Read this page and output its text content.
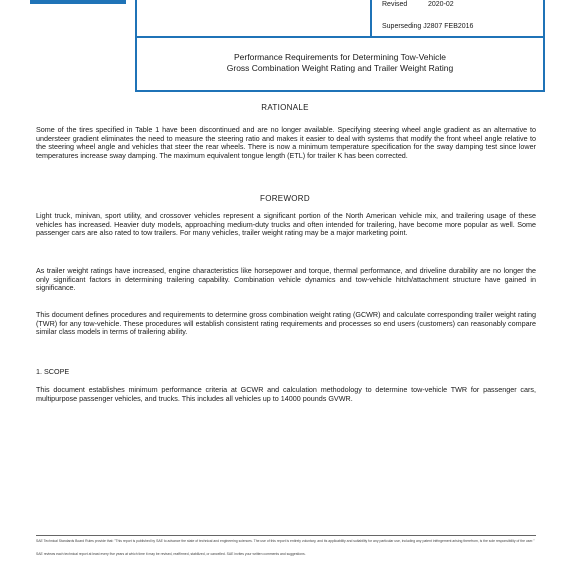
Revised	2020-02
Superseding J2807 FEB2016
Performance Requirements for Determining Tow-Vehicle
Gross Combination Weight Rating and Trailer Weight Rating
RATIONALE
Some of the tires specified in Table 1 have been discontinued and are no longer available. Specifying steering wheel angle gradient as an alternative to understeer gradient eliminates the need to measure the steering ratio and makes it easier to deal with systems that modify the front wheel angle relative to the steering wheel angle and vehicles that steer the rear wheels. There is now a minimum temperature specification for the sway damping test since lower temperatures increase sway damping. The maximum equivalent tongue length (ETL) for trailer K has been corrected.
FOREWORD
Light truck, minivan, sport utility, and crossover vehicles represent a significant portion of the North American vehicle mix, and trailering usage of these vehicles has increased. Heavier duty models, approaching medium-duty trucks and often intended for trailering, have become more popular as well. Some passenger cars are also rated to tow trailers. For many vehicles, trailer weight rating may be a major marketing point.
As trailer weight ratings have increased, engine characteristics like horsepower and torque, thermal performance, and driveline durability are no longer the only significant factors in determining trailering capability. Combination vehicle dynamics and tow-vehicle hitch/attachment structure have gained in significance.
This document defines procedures and requirements to determine gross combination weight rating (GCWR) and calculate corresponding trailer weight rating (TWR) for any tow-vehicle. These procedures will establish consistent rating requirements and processes so end users (customers) can reasonably compare similar class models in terms of trailering ability.
1. SCOPE
This document establishes minimum performance criteria at GCWR and calculation methodology to determine tow-vehicle TWR for passenger cars, multipurpose passenger vehicles, and trucks. This includes all vehicles up to 14000 pounds GVWR.
SAE Technical Standards Board Rules provide that: "This report is published by SAE to advance the state of technical and engineering sciences. The use of this report is entirely voluntary, and its applicability and suitability for any particular use, including any patent infringement arising therefrom, is the sole responsibility of the user."
SAE reviews each technical report at least every five years at which time it may be revised, reaffirmed, stabilized, or cancelled. SAE invites your written comments and suggestions.
